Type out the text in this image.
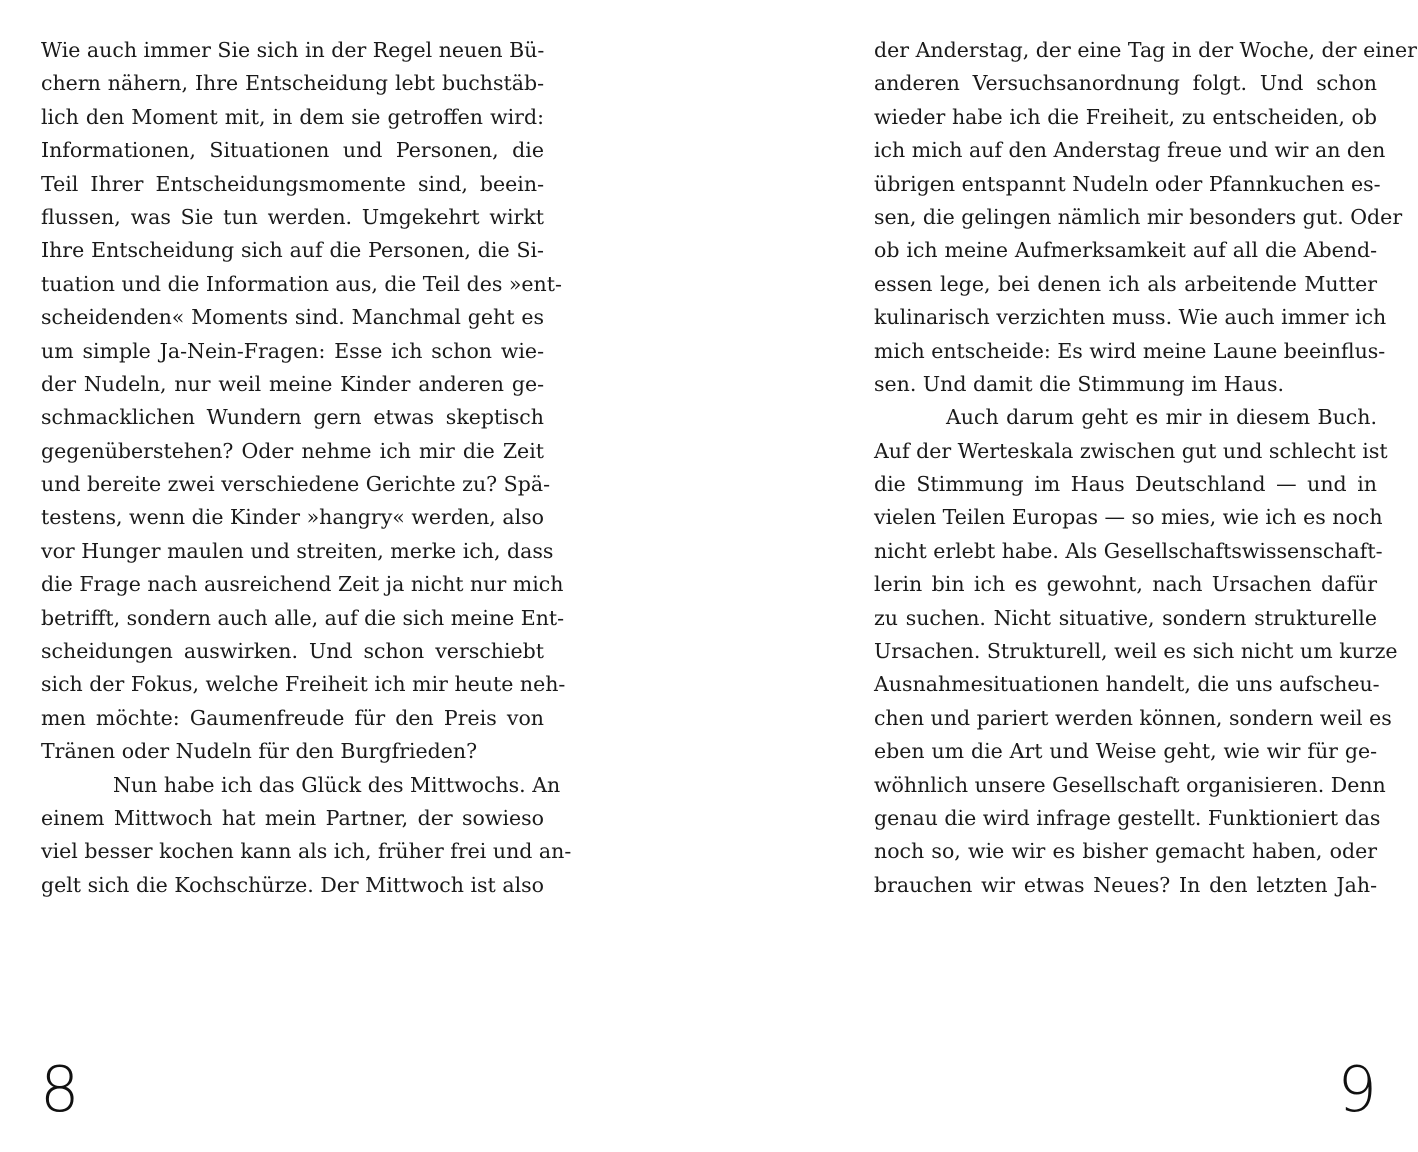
Wie auch immer Sie sich in der Regel neuen Bü-
chern nähern, Ihre Entscheidung lebt buchstäb-
lich den Moment mit, in dem sie getroffen wird:
Informationen, Situationen und Personen, die
Teil Ihrer Entscheidungsmomente sind, beein-
flussen, was Sie tun werden. Umgekehrt wirkt
Ihre Entscheidung sich auf die Personen, die Si-
tuation und die Information aus, die Teil des »ent-
scheidenden« Moments sind. Manchmal geht es
um simple Ja-Nein-Fragen: Esse ich schon wie-
der Nudeln, nur weil meine Kinder anderen ge-
schmacklichen Wundern gern etwas skeptisch
gegenüberstehen? Oder nehme ich mir die Zeit
und bereite zwei verschiedene Gerichte zu? Spä-
testens, wenn die Kinder »hangry« werden, also
vor Hunger maulen und streiten, merke ich, dass
die Frage nach ausreichend Zeit ja nicht nur mich
betrifft, sondern auch alle, auf die sich meine Ent-
scheidungen auswirken. Und schon verschiebt
sich der Fokus, welche Freiheit ich mir heute neh-
men möchte: Gaumenfreude für den Preis von
Tränen oder Nudeln für den Burgfrieden?
Nun habe ich das Glück des Mittwochs. An
einem Mittwoch hat mein Partner, der sowieso
viel besser kochen kann als ich, früher frei und an-
gelt sich die Kochschürze. Der Mittwoch ist also
8
der Anderstag, der eine Tag in der Woche, der einer
anderen Versuchsanordnung folgt. Und schon
wieder habe ich die Freiheit, zu entscheiden, ob
ich mich auf den Anderstag freue und wir an den
übrigen entspannt Nudeln oder Pfannkuchen es-
sen, die gelingen nämlich mir besonders gut. Oder
ob ich meine Aufmerksamkeit auf all die Abend-
essen lege, bei denen ich als arbeitende Mutter
kulinarisch verzichten muss. Wie auch immer ich
mich entscheide: Es wird meine Laune beeinflus-
sen. Und damit die Stimmung im Haus.
Auch darum geht es mir in diesem Buch.
Auf der Werteskala zwischen gut und schlecht ist
die Stimmung im Haus Deutschland — und in
vielen Teilen Europas — so mies, wie ich es noch
nicht erlebt habe. Als Gesellschaftswissenschaft-
lerin bin ich es gewohnt, nach Ursachen dafür
zu suchen. Nicht situative, sondern strukturelle
Ursachen. Strukturell, weil es sich nicht um kurze
Ausnahmesituationen handelt, die uns aufscheu-
chen und pariert werden können, sondern weil es
eben um die Art und Weise geht, wie wir für ge-
wöhnlich unsere Gesellschaft organisieren. Denn
genau die wird infrage gestellt. Funktioniert das
noch so, wie wir es bisher gemacht haben, oder
brauchen wir etwas Neues? In den letzten Jah-
9
